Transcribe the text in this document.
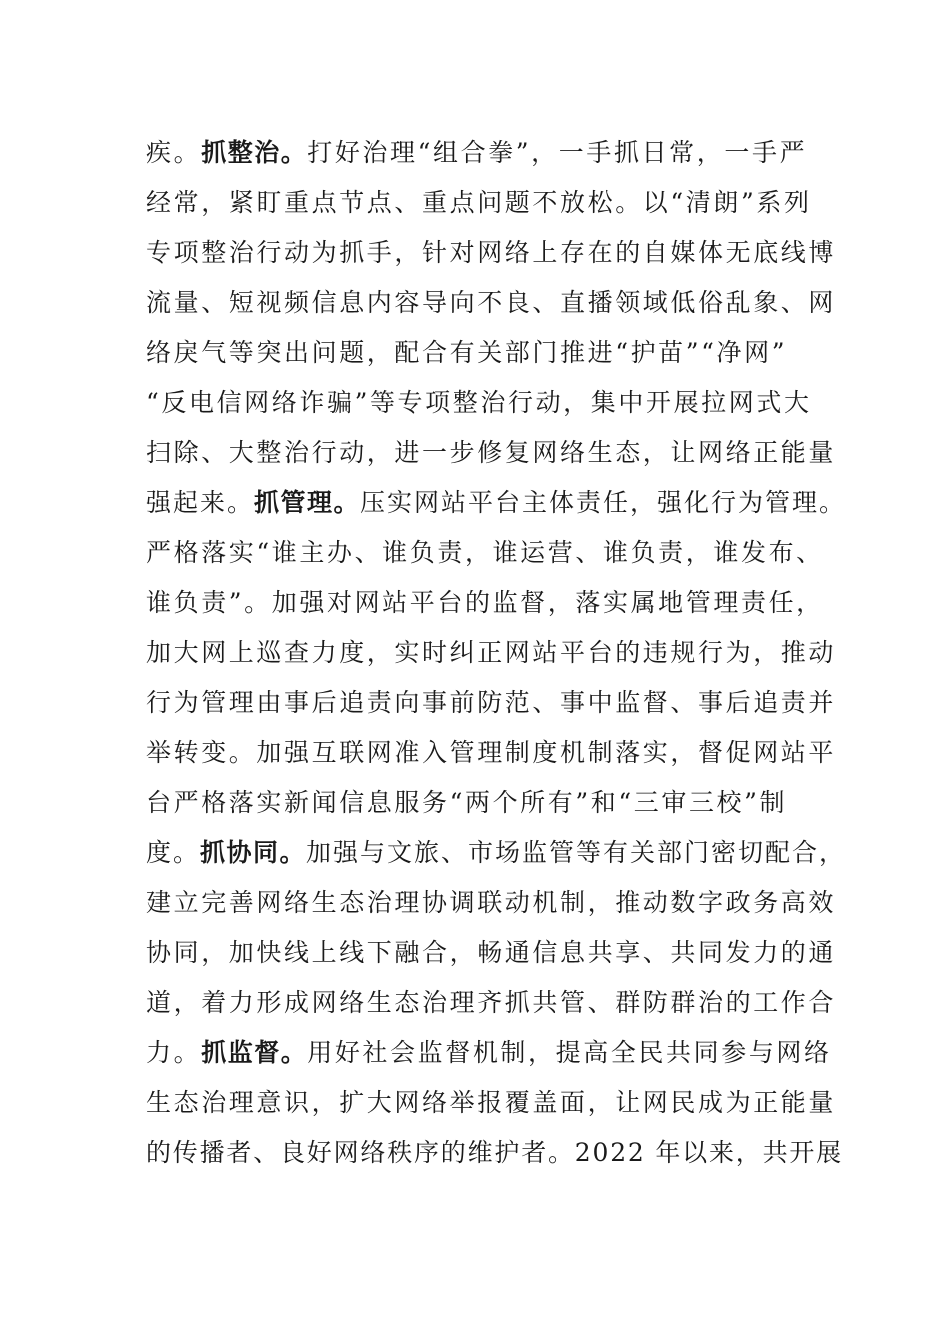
疾。抓整治。打好治理“组合拳”，一手抓日常，一手严
经常，紧盯重点节点、重点问题不放松。以“清朗”系列
专项整治行动为抓手，针对网络上存在的自媒体无底线博
流量、短视频信息内容导向不良、直播领域低俗乱象、网
络戾气等突出问题，配合有关部门推进“护苗”“净网”
“反电信网络诈骗”等专项整治行动，集中开展拉网式大
扫除、大整治行动，进一步修复网络生态，让网络正能量
强起来。抓管理。压实网站平台主体责任，强化行为管理。
严格落实“谁主办、谁负责，谁运营、谁负责，谁发布、
谁负责”。加强对网站平台的监督，落实属地管理责任，
加大网上巡查力度，实时纠正网站平台的违规行为，推动
行为管理由事后追责向事前防范、事中监督、事后追责并
举转变。加强互联网准入管理制度机制落实，督促网站平
台严格落实新闻信息服务“两个所有”和“三审三校”制
度。抓协同。加强与文旅、市场监管等有关部门密切配合，
建立完善网络生态治理协调联动机制，推动数字政务高效
协同，加快线上线下融合，畅通信息共享、共同发力的通
道，着力形成网络生态治理齐抓共管、群防群治的工作合
力。抓监督。用好社会监督机制，提高全民共同参与网络
生态治理意识，扩大网络举报覆盖面，让网民成为正能量
的传播者、良好网络秩序的维护者。2022 年以来，共开展
